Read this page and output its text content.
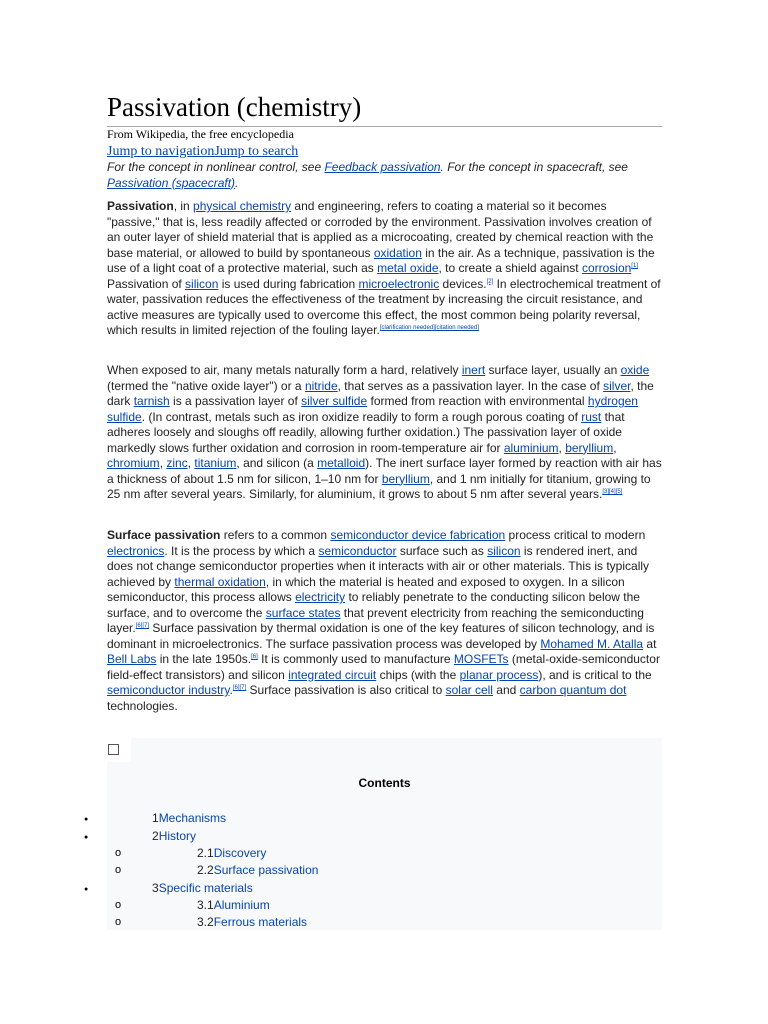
Passivation (chemistry)
From Wikipedia, the free encyclopedia
Jump to navigationJump to search
For the concept in nonlinear control, see Feedback passivation. For the concept in spacecraft, see Passivation (spacecraft).

Passivation, in physical chemistry and engineering, refers to coating a material so it becomes "passive," that is, less readily affected or corroded by the environment. Passivation involves creation of an outer layer of shield material that is applied as a microcoating, created by chemical reaction with the base material, or allowed to build by spontaneous oxidation in the air. As a technique, passivation is the use of a light coat of a protective material, such as metal oxide, to create a shield against corrosion[1] Passivation of silicon is used during fabrication microelectronic devices.[2] In electrochemical treatment of water, passivation reduces the effectiveness of the treatment by increasing the circuit resistance, and active measures are typically used to overcome this effect, the most common being polarity reversal, which results in limited rejection of the fouling layer.[clarification needed][citation needed]

When exposed to air, many metals naturally form a hard, relatively inert surface layer, usually an oxide (termed the "native oxide layer") or a nitride, that serves as a passivation layer. In the case of silver, the dark tarnish is a passivation layer of silver sulfide formed from reaction with environmental hydrogen sulfide. (In contrast, metals such as iron oxidize readily to form a rough porous coating of rust that adheres loosely and sloughs off readily, allowing further oxidation.) The passivation layer of oxide markedly slows further oxidation and corrosion in room-temperature air for aluminium, beryllium, chromium, zinc, titanium, and silicon (a metalloid). The inert surface layer formed by reaction with air has a thickness of about 1.5 nm for silicon, 1–10 nm for beryllium, and 1 nm initially for titanium, growing to 25 nm after several years. Similarly, for aluminium, it grows to about 5 nm after several years.[3][4][5]

Surface passivation refers to a common semiconductor device fabrication process critical to modern electronics. It is the process by which a semiconductor surface such as silicon is rendered inert, and does not change semiconductor properties when it interacts with air or other materials. This is typically achieved by thermal oxidation, in which the material is heated and exposed to oxygen. In a silicon semiconductor, this process allows electricity to reliably penetrate to the conducting silicon below the surface, and to overcome the surface states that prevent electricity from reaching the semiconducting layer.[6][7] Surface passivation by thermal oxidation is one of the key features of silicon technology, and is dominant in microelectronics. The surface passivation process was developed by Mohamed M. Atalla at Bell Labs in the late 1950s.[6] It is commonly used to manufacture MOSFETs (metal-oxide-semiconductor field-effect transistors) and silicon integrated circuit chips (with the planar process), and is critical to the semiconductor industry.[6][7] Surface passivation is also critical to solar cell and carbon quantum dot technologies.

Contents
1Mechanisms
2History
2.1Discovery
2.2Surface passivation
3Specific materials
3.1Aluminium
3.2Ferrous materials
●
●
o
o
●
o
o
